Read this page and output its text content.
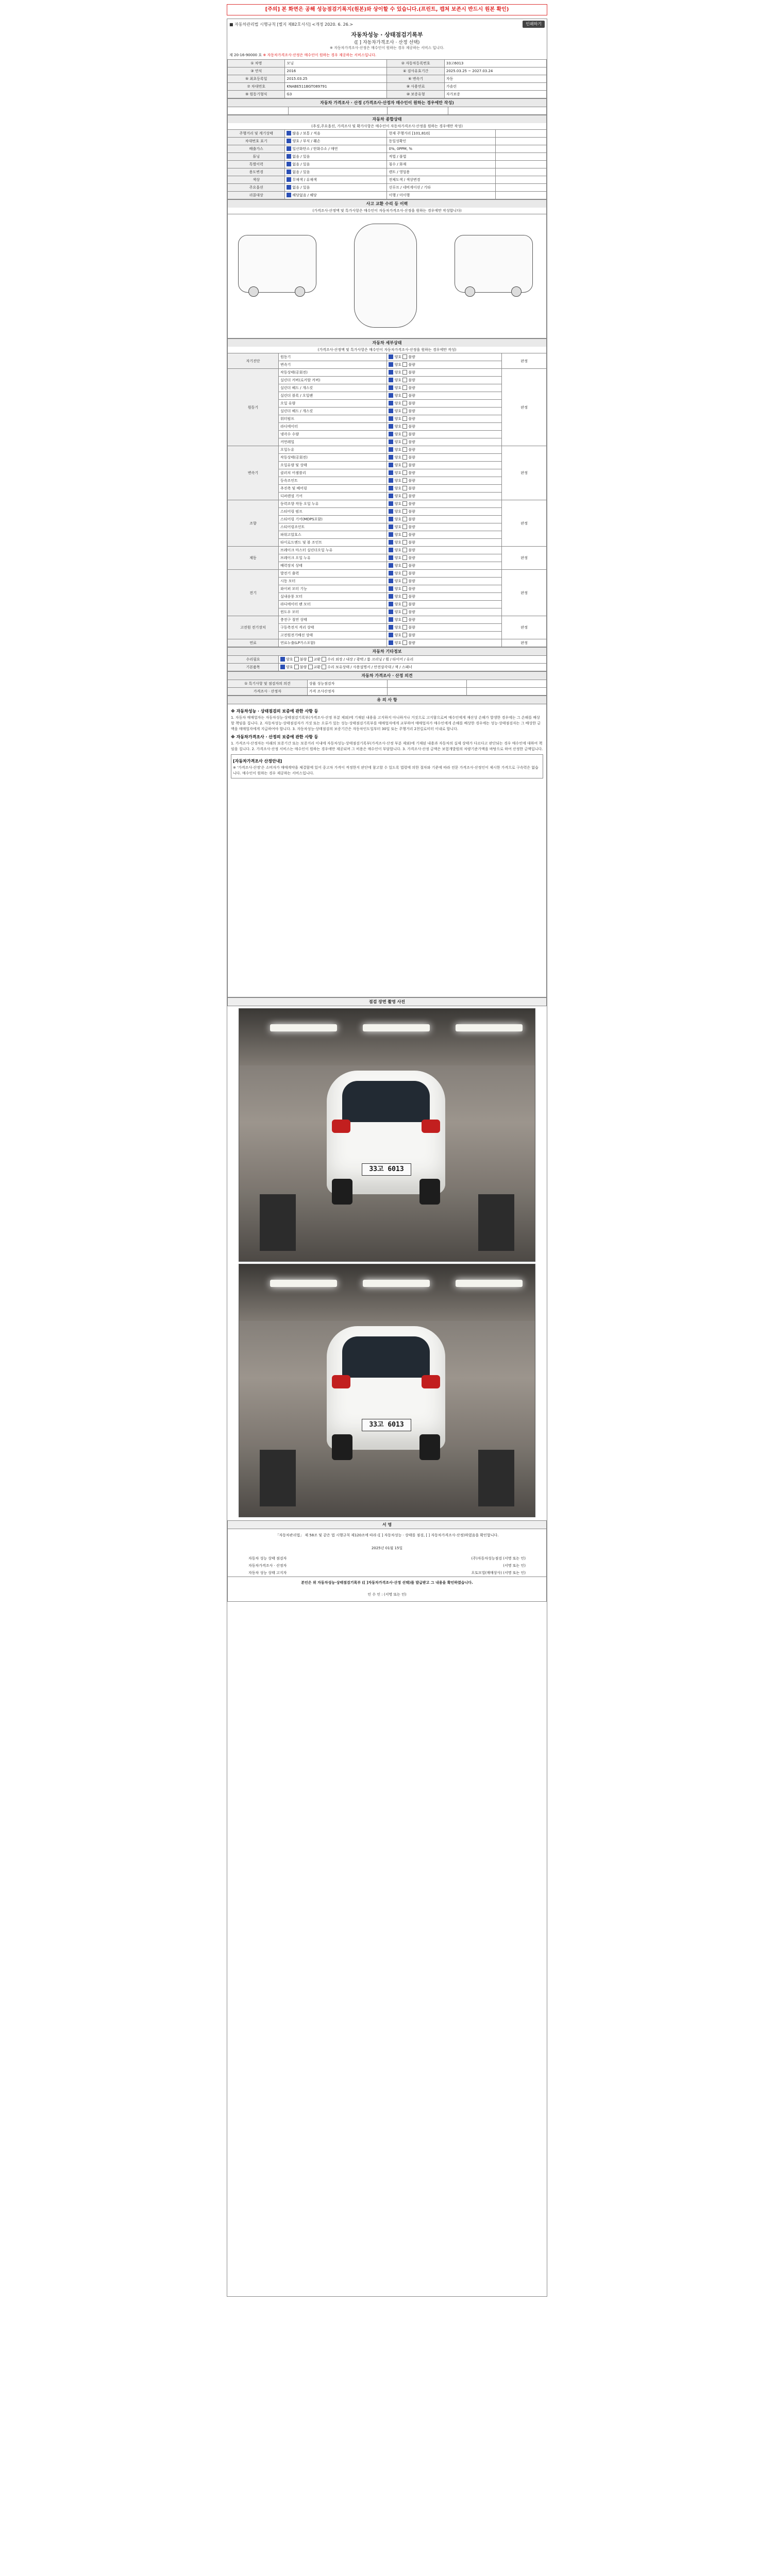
[주의] 본 화면은 공해 성능점검기록지(원본)와 상이할 수 있습니다.(프린트, 캡쳐 보존시 반드시 원본 확인)
■ 자동차관리법 시행규칙 [별지 제82호서식] <개정 2020. 6. 26.>	인쇄하기
자동차성능 · 상태점검기록부
([ ] 자동차가격조사 · 산정 선택)
※ 자동차가격조사·산정은 매수인이 원하는 경우 제공하는 서비스 입니다.
제 20-16-90000 호 ※ 자동차가격조사·산정은 매수인이 원하는 경우 제공하는 서비스입니다.
① 차명	모닝	② 자동차등록번호	33고6013
③ 연식	2016	④ 검사유효기간	2025.03.25 ~ 2027.03.24
⑤ 최초등록일	2015.03.25	⑥ 변속기	자동
⑦ 차대번호	KNABE511BGT089791	⑧ 사용연료	가솔린
⑨ 원동기형식	G3	⑩ 보증유형	자가보증
자동차 가격조사 · 산정 (가격조사·산정자 매수인이 원하는 경우에만 작성)

자동차 종합상태
(추징,주요옵션, 가격조사 및 확가사항은 매수인이 자동차가격조사·산정을 원하는 경우에만 작성)
주행거리 및 계기상태	많음 / 보통 / 적음	현재 주행거리 [101,810]	
차대번호 표기	양호 / 부식 / 훼손	동일성확인	
배출가스	일산화탄소 / 탄화수소 / 매연	0%, 0PPM, %	
튜닝	없음 / 있음	적법 / 불법	
특별이력	없음 / 있음	침수 / 화재	
용도변경	없음 / 있음	렌트 / 영업용	
색상	무채색 / 유채색	전체도색 / 색상변경	
주요옵션	없음 / 있음	선루프 / 네비게이션 / 기타	
리콜대상	해당없음 / 해당	이행 / 미이행	
사고 교환 수리 등 이력
(가격조사·산정액 및 특가사항은 매수인이 자동차가격조사·산정을 원하는 경우에만 작성합니다)
자동차 세부상태
(가격조사·산정액 및 특가사항은 매수인이 자동차가격조사·산정을 원하는 경우에만 작성)
자기진단	원동기	양호 불량	판정
	변속기	양호 불량	
원동기	작동상태(공회전)	양호 불량	판정
	실린더 커버(로커암 커버)	양호 불량	
	실린더 헤드 / 개스킷	양호 불량	
	실린더 블록 / 오일팬	양호 불량	
	오일 유량	양호 불량	
	실린더 헤드 / 개스킷	양호 불량	
	워터펌프	양호 불량	
	라디에이터	양호 불량	
	냉각수 수량	양호 불량	
	커먼레일	양호 불량	
변속기	오일누유	양호 불량	판정
	작동상태(공회전)	양호 불량	
	오일유량 및 상태	양호 불량	
	클러치 어셈블리	양호 불량	
	등속조인트	양호 불량	
	추진축 및 베어링	양호 불량	
	디퍼렌셜 기어	양호 불량	
조향	동력조향 작동 오일 누유	양호 불량	판정
	스티어링 펌프	양호 불량	
	스티어링 기어(MDPS포함)	양호 불량	
	스티어링조인트	양호 불량	
	파워고압호스	양호 불량	
	타이로드엔드 및 볼 조인트	양호 불량	
제동	브레이크 마스터 실린더오일 누유	양호 불량	판정
	브레이크 오일 누유	양호 불량	
	배력장치 상태	양호 불량	
전기	발전기 출력	양호 불량	판정
	시동 모터	양호 불량	
	와이퍼 모터 기능	양호 불량	
	실내송풍 모터	양호 불량	
	라디에이터 팬 모터	양호 불량	
	윈도우 모터	양호 불량	
고전원 전기장치	충전구 절연 상태	양호 불량	판정
	구동축전지 격리 상태	양호 불량	
	고전원전기배선 상태	양호 불량	
연료	연료누출(LP가스포함)	양호 불량	판정
자동차 기타정보
수리필요	양호 불량 교환 수리 외장 / 내장 / 광택 / 룸 크리닝 / 휠 / 타이어 / 유리
기본품목	양호 불량 교환 수리 보유상태 / 사용설명서 / 안전삼각대 / 잭 / 스패너
자동차 가격조사 · 산정 의견
① 특기사항 및 점검자의 의견	상품 성능점검자		
가격조사 · 산정자	가격 조사산정자		
유 의 사 항
※ 자동차성능 · 상태점검의 보증에 관한 사항 등
1. 자동차 매매업자는 자동차성능·상태점검기록부(가격조사·산정 부분 제외)에 기재된 내용을 고지하지 아니하거나 거짓으로 고지함으로써 매수인에게 재산상 손해가 발생한 경우에는 그 손해를 배상할 책임을 집니다. 2. 자동차성능·상태점검자가 거짓 또는 오류가 있는 성능·상태점검기록부를 매매업자에게 교부하여 매매업자가 매수인에게 손해를 배상한 경우에는 성능·상태점검자는 그 배상한 금액을 매매업자에게 지급하여야 합니다. 3. 자동차성능·상태점검의 보증기간은 자동차인도일부터 30일 또는 주행거리 2천킬로미터 이내로 합니다.
※ 자동차가격조사 · 산정의 보증에 관한 사항 등
1. 가격조사·산정자는 아래의 보증기간 또는 보증거리 이내에 자동차성능·상태점검기록부(가격조사·산정 부분 제외)에 기재된 내용과 자동차의 실제 상태가 다르다고 판단되는 경우 매수인에 대하여 책임을 집니다. 2. 가격조사·산정 서비스는 매수인이 원하는 경우에만 제공되며 그 비용은 매수인이 부담합니다. 3. 가격조사·산정 금액은 보험개발원의 차량기준가액을 바탕으로 하여 산정한 금액입니다.
[자동차가격조사 산정안내]
※ '가격조사·산정'은 소비자가 매매계약을 체결함에 있어 중고차 가격이 적정한지 판단에 참고할 수 있도록 법령에 의한 절차와 기준에 따라 전문 가격조사·산정인이 제시한 가격으로 구속력은 없습니다. 매수인이 원하는 경우 제공하는 서비스입니다.
점검 장면 촬영 사진
33고 6013
33고 6013
서 명
「자동차관리법」 제 58조 및 같은 법 시행규칙 제120조에 따라 ([ ] 자동차성능 · 상태를 점검, [ ] 자동차가격조사·산정)하였음을 확인합니다.
2025년 01월 15일
자동차 성능 상태 점검자	(주)자동차성능점검 (서명 또는 인)
자동차가격조사 · 산정자	(서명 또는 인)
자동차 성능 상태 고지자	오토모빌(매매상사) (서명 또는 인)
본인은 위 자동차성능·상태점검기록부 ([ ]자동차가격조사·산정 선택)를 발급받고 그 내용을 확인하였습니다.
인 수 인 : (서명 또는 인)
